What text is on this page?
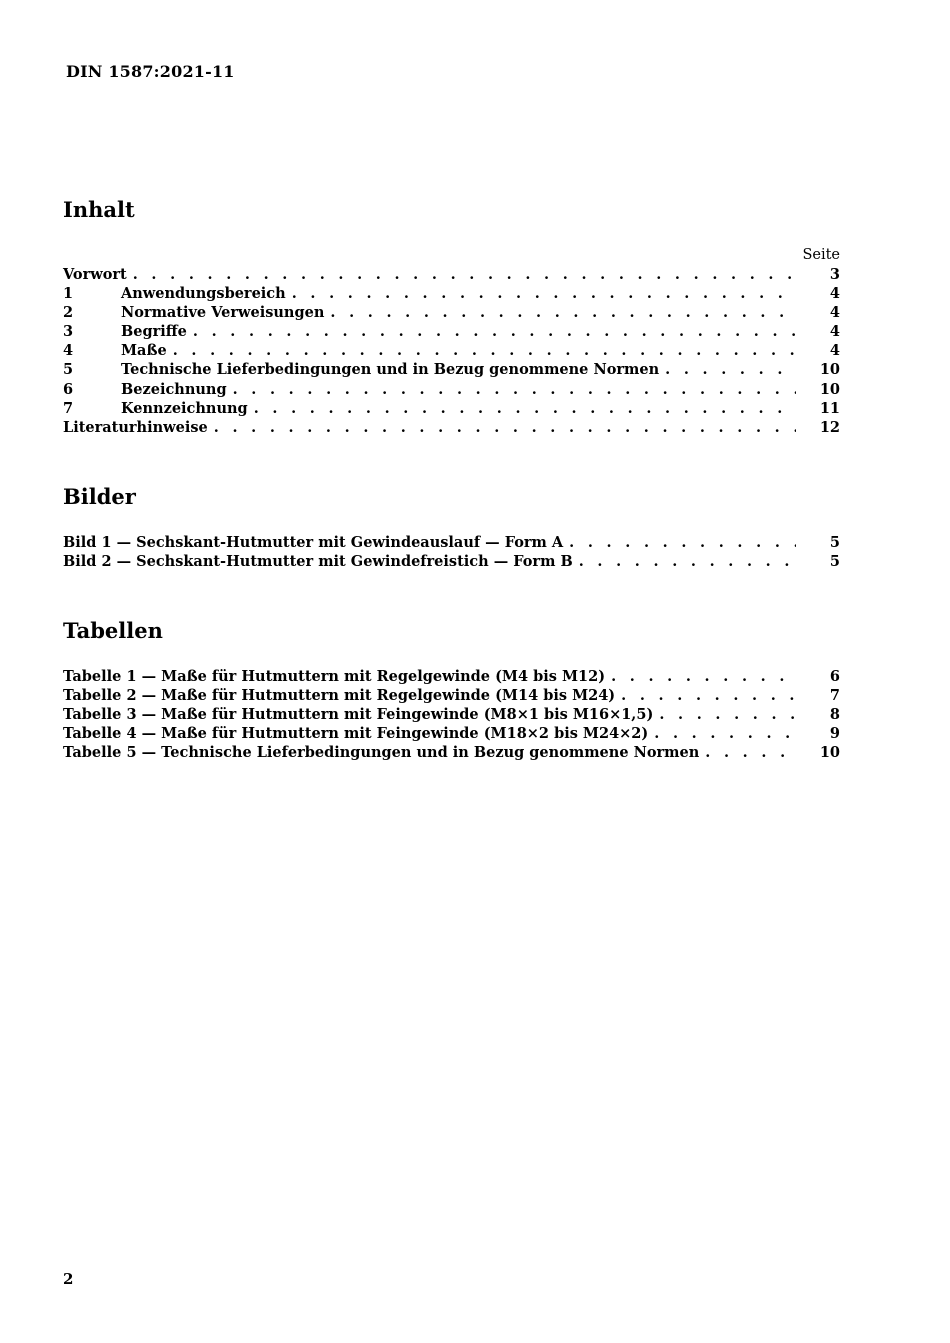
DIN 1587:2021-11
Inhalt
Seite
Vorwort . . .	3
1	Anwendungsbereich . . .	4
2	Normative Verweisungen . . .	4
3	Begriffe . . .	4
4	Maße . . .	4
5	Technische Lieferbedingungen und in Bezug genommene Normen . . .	10
6	Bezeichnung . . .	10
7	Kennzeichnung . . .	11
Literaturhinweise . . .	12
Bilder
Bild 1 — Sechskant-Hutmutter mit Gewindeauslauf — Form A . . .	5
Bild 2 — Sechskant-Hutmutter mit Gewindefreistich — Form B . . .	5
Tabellen
Tabelle 1 — Maße für Hutmuttern mit Regelgewinde (M4 bis M12) . . .	6
Tabelle 2 — Maße für Hutmuttern mit Regelgewinde (M14 bis M24) . . .	7
Tabelle 3 — Maße für Hutmuttern mit Feingewinde (M8×1 bis M16×1,5) . . .	8
Tabelle 4 — Maße für Hutmuttern mit Feingewinde (M18×2 bis M24×2) . . .	9
Tabelle 5 — Technische Lieferbedingungen und in Bezug genommene Normen . . .	10
2
